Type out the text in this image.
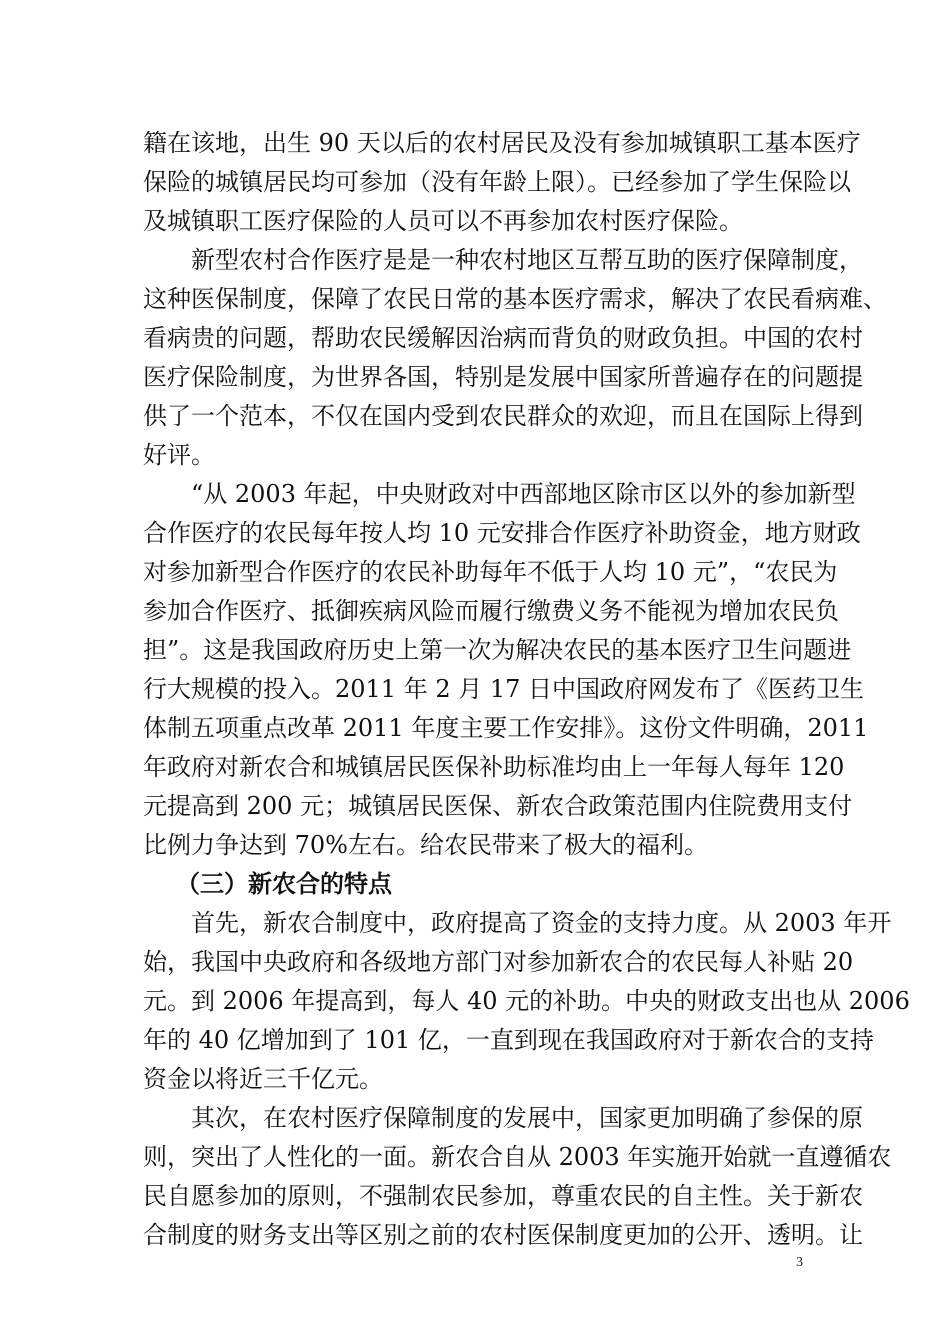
籍在该地，出生 90 天以后的农村居民及没有参加城镇职工基本医疗
保险的城镇居民均可参加（没有年龄上限）。已经参加了学生保险以
及城镇职工医疗保险的人员可以不再参加农村医疗保险。
新型农村合作医疗是是一种农村地区互帮互助的医疗保障制度，
这种医保制度，保障了农民日常的基本医疗需求，解决了农民看病难、
看病贵的问题，帮助农民缓解因治病而背负的财政负担。中国的农村
医疗保险制度，为世界各国，特别是发展中国家所普遍存在的问题提
供了一个范本，不仅在国内受到农民群众的欢迎，而且在国际上得到
好评。
“从 2003 年起，中央财政对中西部地区除市区以外的参加新型
合作医疗的农民每年按人均 10 元安排合作医疗补助资金，地方财政
对参加新型合作医疗的农民补助每年不低于人均 10 元”，“农民为
参加合作医疗、抵御疾病风险而履行缴费义务不能视为增加农民负
担”。这是我国政府历史上第一次为解决农民的基本医疗卫生问题进
行大规模的投入。2011 年 2 月 17 日中国政府网发布了《医药卫生
体制五项重点改革 2011 年度主要工作安排》。这份文件明确，2011
年政府对新农合和城镇居民医保补助标准均由上一年每人每年 120
元提高到 200 元；城镇居民医保、新农合政策范围内住院费用支付
比例力争达到 70%左右。给农民带来了极大的福利。
（三）新农合的特点
首先，新农合制度中，政府提高了资金的支持力度。从 2003 年开
始，我国中央政府和各级地方部门对参加新农合的农民每人补贴 20
元。到 2006 年提高到，每人 40 元的补助。中央的财政支出也从 2006
年的 40 亿增加到了 101 亿，一直到现在我国政府对于新农合的支持
资金以将近三千亿元。
其次，在农村医疗保障制度的发展中，国家更加明确了参保的原
则，突出了人性化的一面。新农合自从 2003 年实施开始就一直遵循农
民自愿参加的原则，不强制农民参加，尊重农民的自主性。关于新农
合制度的财务支出等区别之前的农村医保制度更加的公开、透明。让
3
